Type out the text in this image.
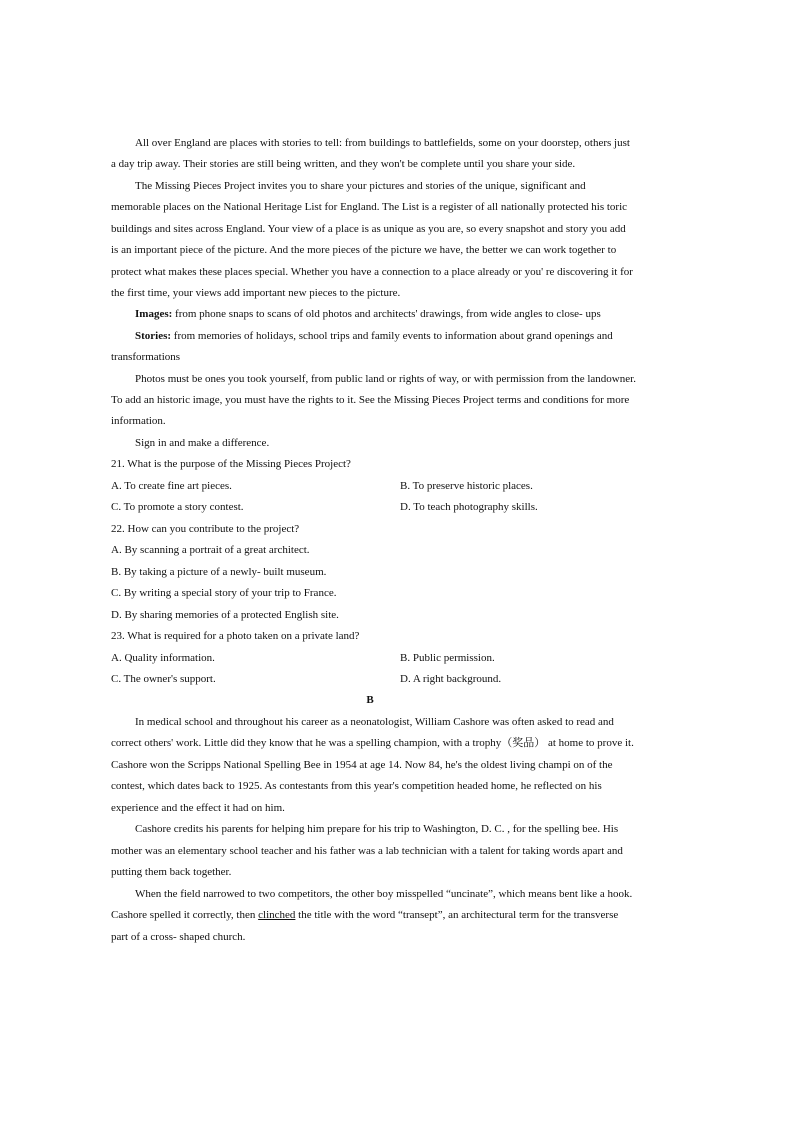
All over England are places with stories to tell: from buildings to battlefields, some on your doorstep, others just
a day trip away. Their stories are still being written, and they won't be complete until you share your side.
The Missing Pieces Project invites you to share your pictures and stories of the unique, significant and
memorable places on the National Heritage List for England. The List is a register of all nationally protected his toric
buildings and sites across England. Your view of a place is as unique as you are, so every snapshot and story you add
is an important piece of the picture. And the more pieces of the picture we have, the better we can work together to
protect what makes these places special. Whether you have a connection to a place already or you' re discovering it for
the first time, your views add important new pieces to the picture.
Images: from phone snaps to scans of old photos and architects' drawings, from wide angles to close- ups
Stories: from memories of holidays, school trips and family events to information about grand openings and
transformations
Photos must be ones you took yourself, from public land or rights of way, or with permission from the landowner.
To add an historic image, you must have the rights to it. See the Missing Pieces Project terms and conditions for more
information.
Sign in and make a difference.
21. What is the purpose of the Missing Pieces Project?
A. To create fine art pieces.	B. To preserve historic places.
C. To promote a story contest.	D. To teach photography skills.
22. How can you contribute to the project?
A. By scanning a portrait of a great architect.
B. By taking a picture of a newly- built museum.
C. By writing a special story of your trip to France.
D. By sharing memories of a protected English site.
23. What is required for a photo taken on a private land?
A. Quality information.	B. Public permission.
C. The owner's support.	D. A right background.
B
In medical school and throughout his career as a neonatologist, William Cashore was often asked to read and
correct others' work. Little did they know that he was a spelling champion, with a trophy（奖品） at home to prove it.
Cashore won the Scripps National Spelling Bee in 1954 at age 14. Now 84, he's the oldest living champi on of the
contest, which dates back to 1925. As contestants from this year's competition headed home, he reflected on his
experience and the effect it had on him.
Cashore credits his parents for helping him prepare for his trip to Washington, D. C. , for the spelling bee. His
mother was an elementary school teacher and his father was a lab technician with a talent for taking words apart and
putting them back together.
When the field narrowed to two competitors, the other boy misspelled “uncinate”, which means bent like a hook.
Cashore spelled it correctly, then clinched the title with the word “transept”, an architectural term for the transverse
part of a cross- shaped church.
